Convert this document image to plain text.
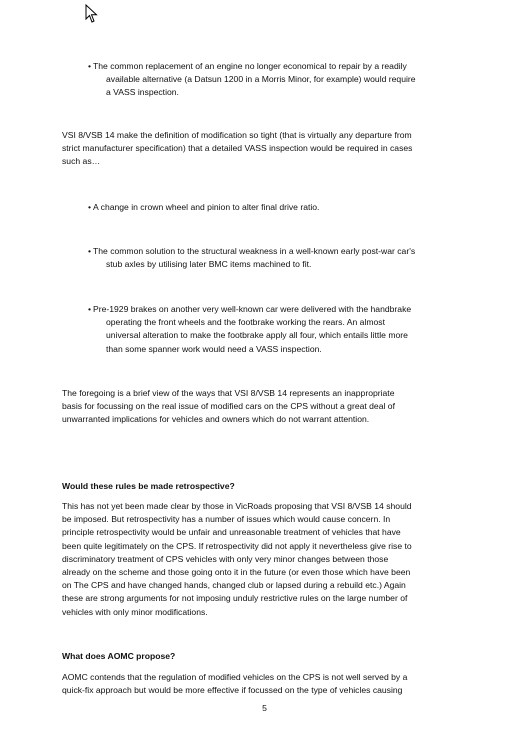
• The common replacement of an engine no longer economical to repair by a readily
available alternative (a Datsun 1200 in a Morris Minor, for example) would require
a VASS inspection.

VSI 8/VSB 14 make the definition of modification so tight (that is virtually any departure from
strict manufacturer specification) that a detailed VASS inspection would be required in cases
such as…

• A change in crown wheel and pinion to alter final drive ratio.
• The common solution to the structural weakness in a well-known early post-war car's
stub axles by utilising later BMC items machined to fit.
• Pre-1929 brakes on another very well-known car were delivered with the handbrake
operating the front wheels and the footbrake working the rears. An almost
universal alteration to make the footbrake apply all four, which entails little more
than some spanner work would need a VASS inspection.

The foregoing is a brief view of the ways that VSI 8/VSB 14 represents an inappropriate
basis for focussing on the real issue of modified cars on the CPS without a great deal of
unwarranted implications for vehicles and owners which do not warrant attention.

Would these rules be made retrospective?

This has not yet been made clear by those in VicRoads proposing that VSI 8/VSB 14 should
be imposed. But retrospectivity has a number of issues which would cause concern. In
principle retrospectivity would be unfair and unreasonable treatment of vehicles that have
been quite legitimately on the CPS. If retrospectivity did not apply it nevertheless give rise to
discriminatory treatment of CPS vehicles with only very minor changes between those
already on the scheme and those going onto it in the future (or even those which have been
on The CPS and have changed hands, changed club or lapsed during a rebuild etc.) Again
these are strong arguments for not imposing unduly restrictive rules on the large number of
vehicles with only minor modifications.

What does AOMC propose?

AOMC contends that the regulation of modified vehicles on the CPS is not well served by a
quick-fix approach but would be more effective if focussed on the type of vehicles causing

5
